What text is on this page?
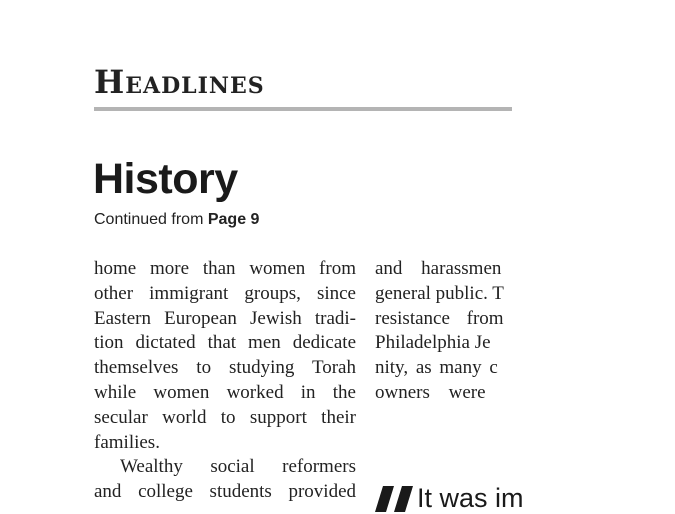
Headlines
History
Continued from Page 9
home more than women from
other immigrant groups, since
Eastern European Jewish tradi-
tion dictated that men dedicate
themselves to studying Torah
while women worked in the
secular world to support their
families.
Wealthy social reformers
and college students provided
and harassmen
general public. T
resistance from
Philadelphia Je
nity, as many c
owners were
It was im
